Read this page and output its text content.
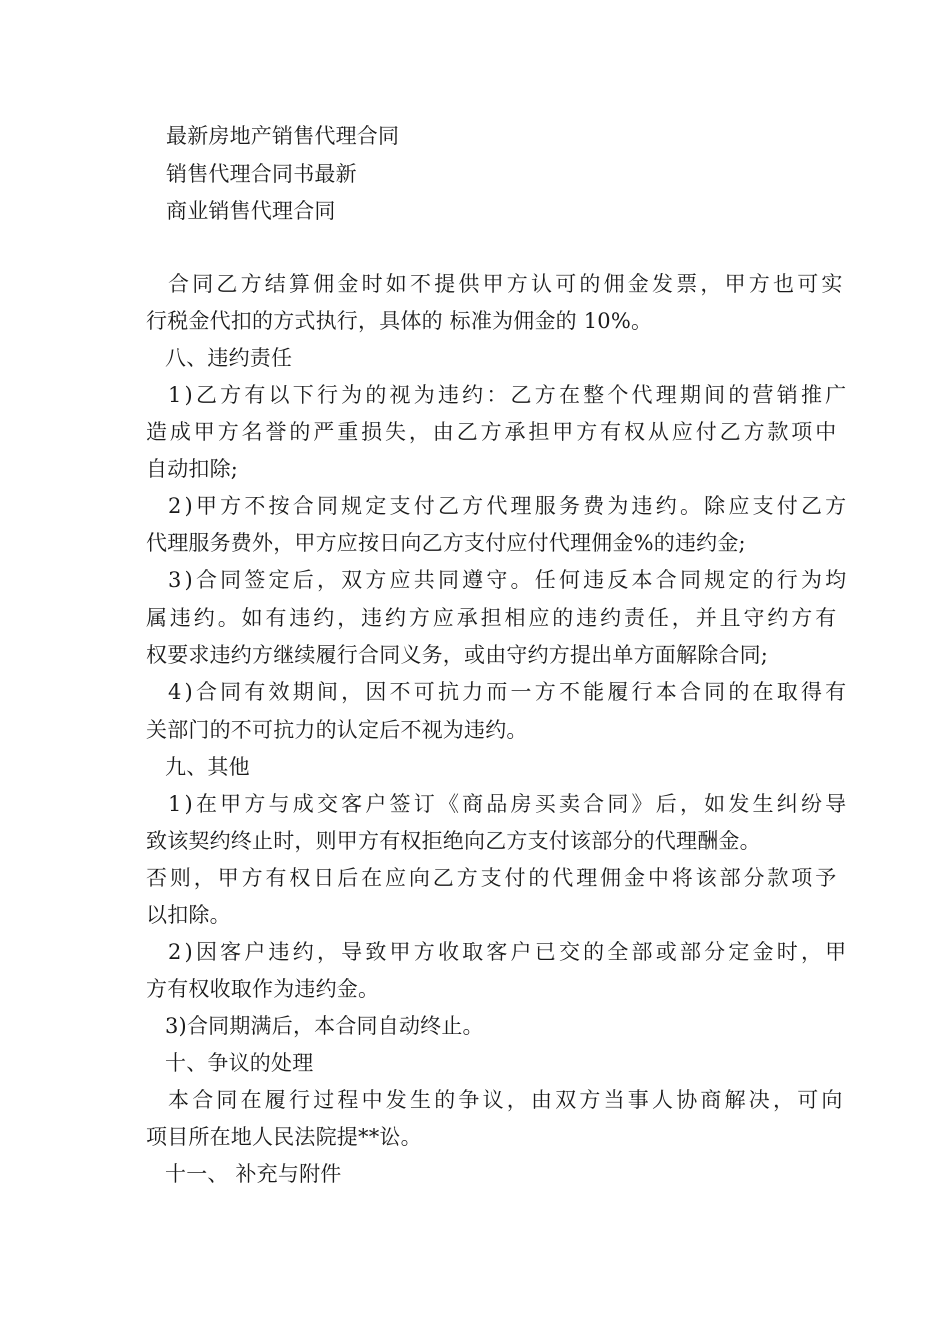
最新房地产销售代理合同
销售代理合同书最新
商业销售代理合同
合同乙方结算佣金时如不提供甲方认可的佣金发票，甲方也可实
行税金代扣的方式执行，具体的 标准为佣金的 10%。
八、违约责任
1)乙方有以下行为的视为违约：乙方在整个代理期间的营销推广
造成甲方名誉的严重损失，由乙方承担甲方有权从应付乙方款项中
自动扣除;
2)甲方不按合同规定支付乙方代理服务费为违约。除应支付乙方
代理服务费外，甲方应按日向乙方支付应付代理佣金%的违约金;
3)合同签定后，双方应共同遵守。任何违反本合同规定的行为均
属违约。如有违约，违约方应承担相应的违约责任，并且守约方有
权要求违约方继续履行合同义务，或由守约方提出单方面解除合同;
4)合同有效期间，因不可抗力而一方不能履行本合同的在取得有
关部门的不可抗力的认定后不视为违约。
九、其他
1)在甲方与成交客户签订《商品房买卖合同》后，如发生纠纷导
致该契约终止时，则甲方有权拒绝向乙方支付该部分的代理酬金。
否则，甲方有权日后在应向乙方支付的代理佣金中将该部分款项予
以扣除。
2)因客户违约，导致甲方收取客户已交的全部或部分定金时，甲
方有权收取作为违约金。
3)合同期满后，本合同自动终止。
十、争议的处理
本合同在履行过程中发生的争议，由双方当事人协商解决，可向
项目所在地人民法院提**讼。
十一、 补充与附件
